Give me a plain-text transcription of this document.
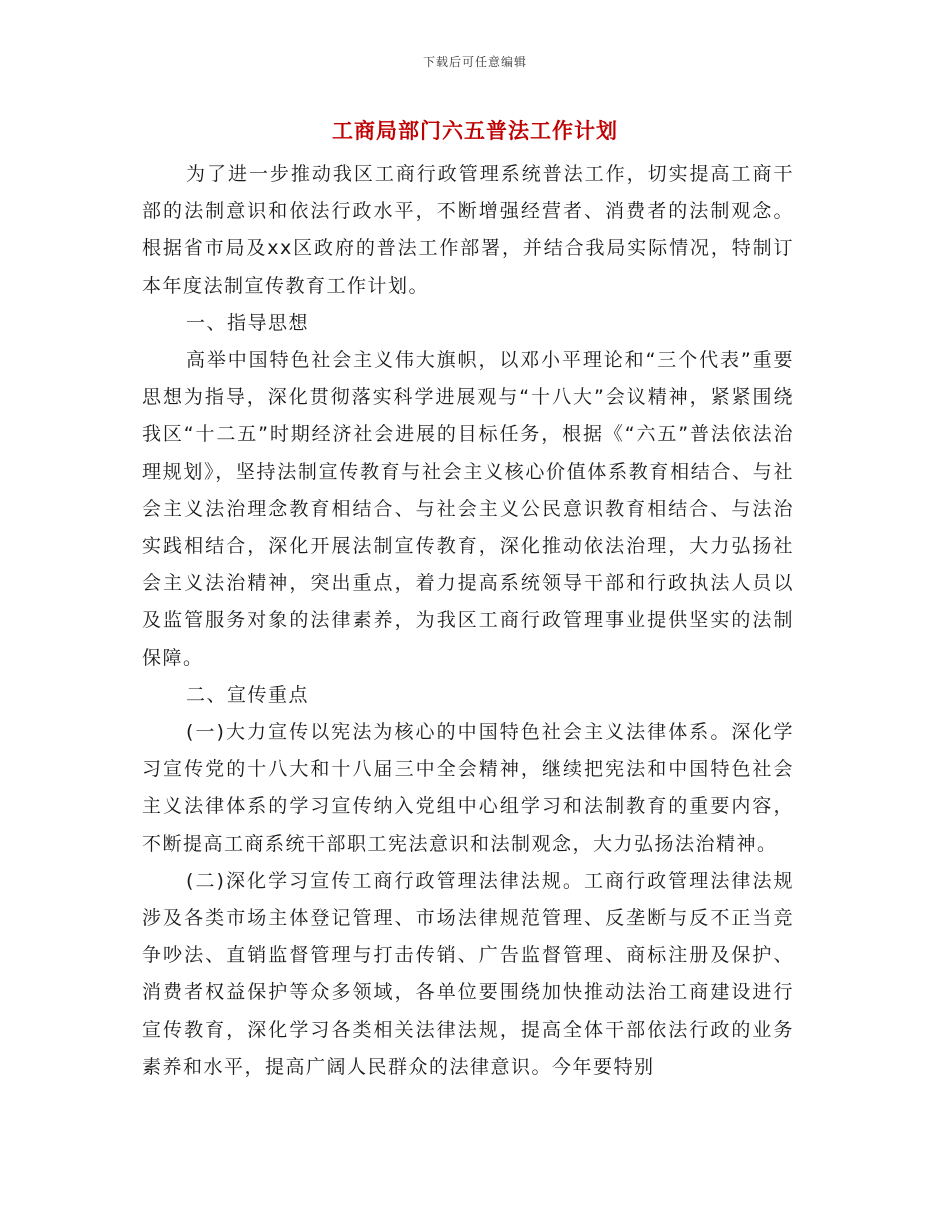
下载后可任意编辑
工商局部门六五普法工作计划

为了进一步推动我区工商行政管理系统普法工作，切实提高工商干部的法制意识和依法行政水平，不断增强经营者、消费者的法制观念。根据省市局及xx区政府的普法工作部署，并结合我局实际情况，特制订本年度法制宣传教育工作计划。

一、指导思想

高举中国特色社会主义伟大旗帜，以邓小平理论和“三个代表”重要思想为指导，深化贯彻落实科学进展观与“十八大”会议精神，紧紧围绕我区“十二五”时期经济社会进展的目标任务，根据《“六五”普法依法治理规划》，坚持法制宣传教育与社会主义核心价值体系教育相结合、与社会主义法治理念教育相结合、与社会主义公民意识教育相结合、与法治实践相结合，深化开展法制宣传教育，深化推动依法治理，大力弘扬社会主义法治精神，突出重点，着力提高系统领导干部和行政执法人员以及监管服务对象的法律素养，为我区工商行政管理事业提供坚实的法制保障。

二、宣传重点

(一)大力宣传以宪法为核心的中国特色社会主义法律体系。深化学习宣传党的十八大和十八届三中全会精神，继续把宪法和中国特色社会主义法律体系的学习宣传纳入党组中心组学习和法制教育的重要内容，不断提高工商系统干部职工宪法意识和法制观念，大力弘扬法治精神。

(二)深化学习宣传工商行政管理法律法规。工商行政管理法律法规涉及各类市场主体登记管理、市场法律规范管理、反垄断与反不正当竞争吵法、直销监督管理与打击传销、广告监督管理、商标注册及保护、消费者权益保护等众多领域，各单位要围绕加快推动法治工商建设进行宣传教育，深化学习各类相关法律法规，提高全体干部依法行政的业务素养和水平，提高广阔人民群众的法律意识。今年要特别
